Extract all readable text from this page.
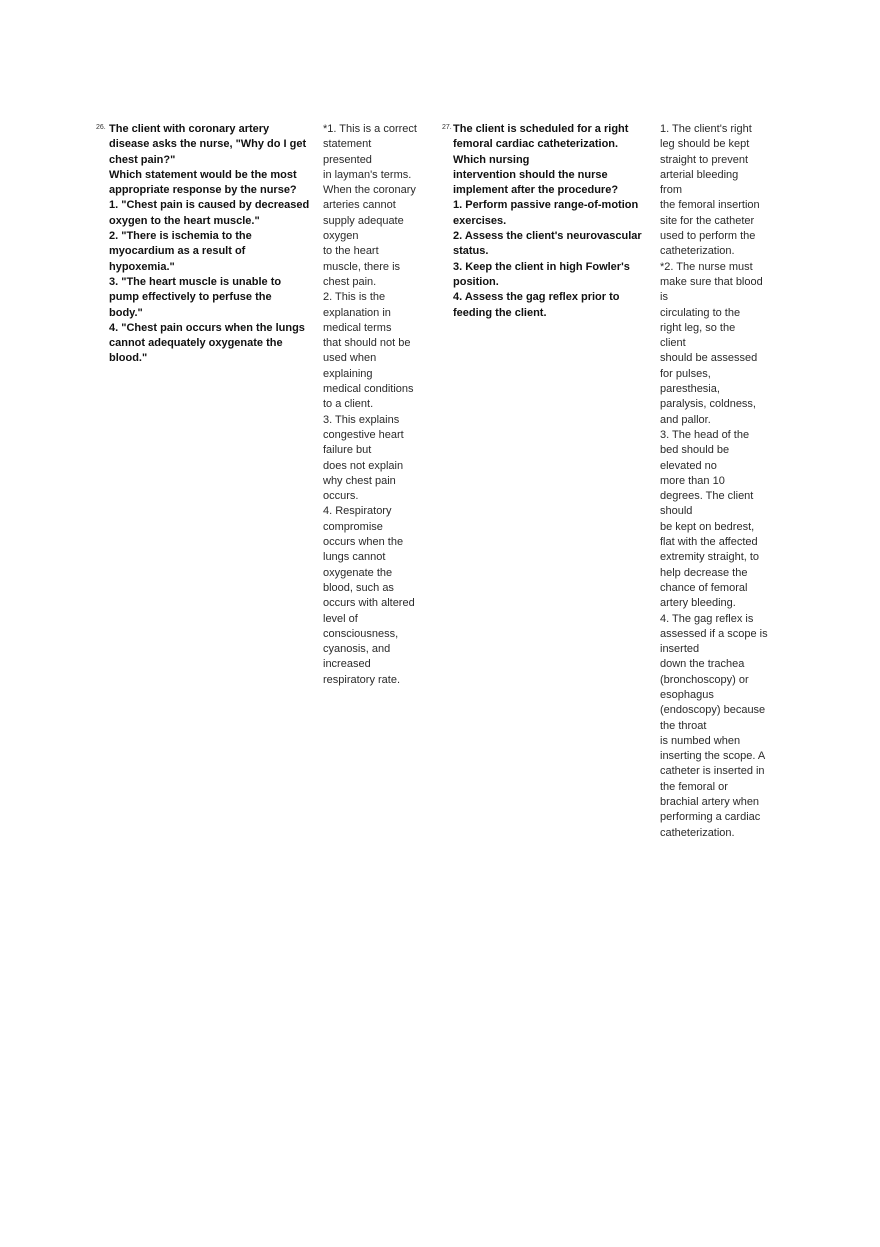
26. The client with coronary artery
disease asks the nurse, "Why do I get
chest pain?"
Which statement would be the most
appropriate response by the nurse?
1. "Chest pain is caused by decreased
oxygen to the heart muscle."
2. "There is ischemia to the
myocardium as a result of
hypoxemia."
3. "The heart muscle is unable to
pump effectively to perfuse the
body."
4. "Chest pain occurs when the lungs
cannot adequately oxygenate the
blood."
*1. This is a correct
statement
presented
in layman's terms.
When the coronary
arteries cannot
supply adequate
oxygen
to the heart
muscle, there is
chest pain.
2. This is the
explanation in
medical terms
that should not be
used when
explaining
medical conditions
to a client.
3. This explains
congestive heart
failure but
does not explain
why chest pain
occurs.
4. Respiratory
compromise
occurs when the
lungs cannot
oxygenate the
blood, such as
occurs with altered
level of
consciousness,
cyanosis, and
increased
respiratory rate.
27. The client is scheduled for a right
femoral cardiac catheterization.
Which nursing
intervention should the nurse
implement after the procedure?
1. Perform passive range-of-motion
exercises.
2. Assess the client's neurovascular
status.
3. Keep the client in high Fowler's
position.
4. Assess the gag reflex prior to
feeding the client.
1. The client's right
leg should be kept
straight to prevent
arterial bleeding
from
the femoral insertion
site for the catheter
used to perform the
catheterization.
*2. The nurse must
make sure that blood
is
circulating to the
right leg, so the
client
should be assessed
for pulses,
paresthesia,
paralysis, coldness,
and pallor.
3. The head of the
bed should be
elevated no
more than 10
degrees. The client
should
be kept on bedrest,
flat with the affected
extremity straight, to
help decrease the
chance of femoral
artery bleeding.
4. The gag reflex is
assessed if a scope is
inserted
down the trachea
(bronchoscopy) or
esophagus
(endoscopy) because
the throat
is numbed when
inserting the scope. A
catheter is inserted in
the femoral or
brachial artery when
performing a cardiac
catheterization.
